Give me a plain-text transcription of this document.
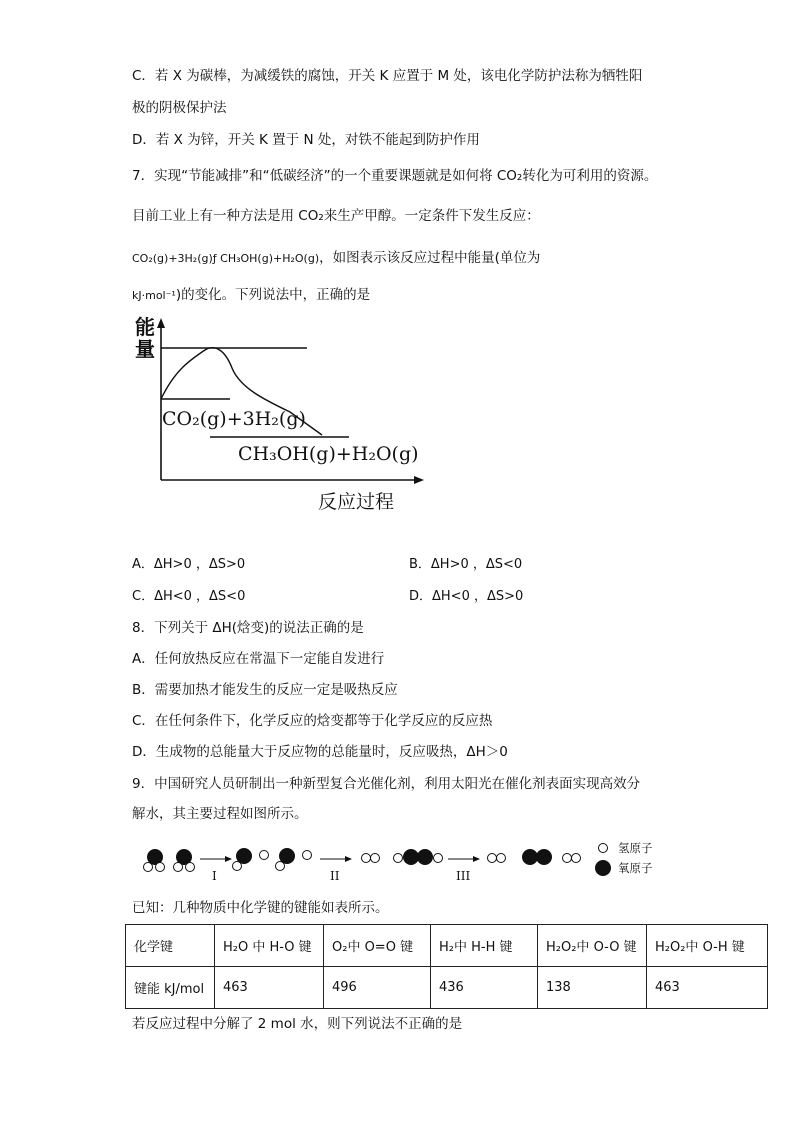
C．若 X 为碳棒，为减缓铁的腐蚀，开关 K 应置于 M 处，该电化学防护法称为牺牲阳
极的阴极保护法
D．若 X 为锌，开关 K 置于 N 处，对铁不能起到防护作用
7．实现“节能减排”和“低碳经济”的一个重要课题就是如何将 CO₂转化为可利用的资源。
目前工业上有一种方法是用 CO₂来生产甲醇。一定条件下发生反应：
CO₂(g)+3H₂(g)ƒ CH₃OH(g)+H₂O(g)，如图表示该反应过程中能量(单位为
kJ·mol⁻¹)的变化。下列说法中，正确的是
能
量
CO₂(g)+3H₂(g)
CH₃OH(g)+H₂O(g)
反应过程
A．ΔH>0 ，ΔS>0	B．ΔH>0 ，ΔS<0
C．ΔH<0 ，ΔS<0	D．ΔH<0 ，ΔS>0
8．下列关于 ΔH(焓变)的说法正确的是
A．任何放热反应在常温下一定能自发进行
B．需要加热才能发生的反应一定是吸热反应
C．在任何条件下，化学反应的焓变都等于化学反应的反应热
D．生成物的总能量大于反应物的总能量时，反应吸热，ΔH＞0
9．中国研究人员研制出一种新型复合光催化剂，利用太阳光在催化剂表面实现高效分
解水，其主要过程如图所示。
I	II	III
氢原子
氧原子
已知：几种物质中化学键的键能如表所示。
化学键	H₂O 中 H-O 键	O₂中 O=O 键	H₂中 H-H 键	H₂O₂中 O-O 键	H₂O₂中 O-H 键
键能 kJ/mol	463	496	436	138	463
若反应过程中分解了 2 mol 水，则下列说法不正确的是
